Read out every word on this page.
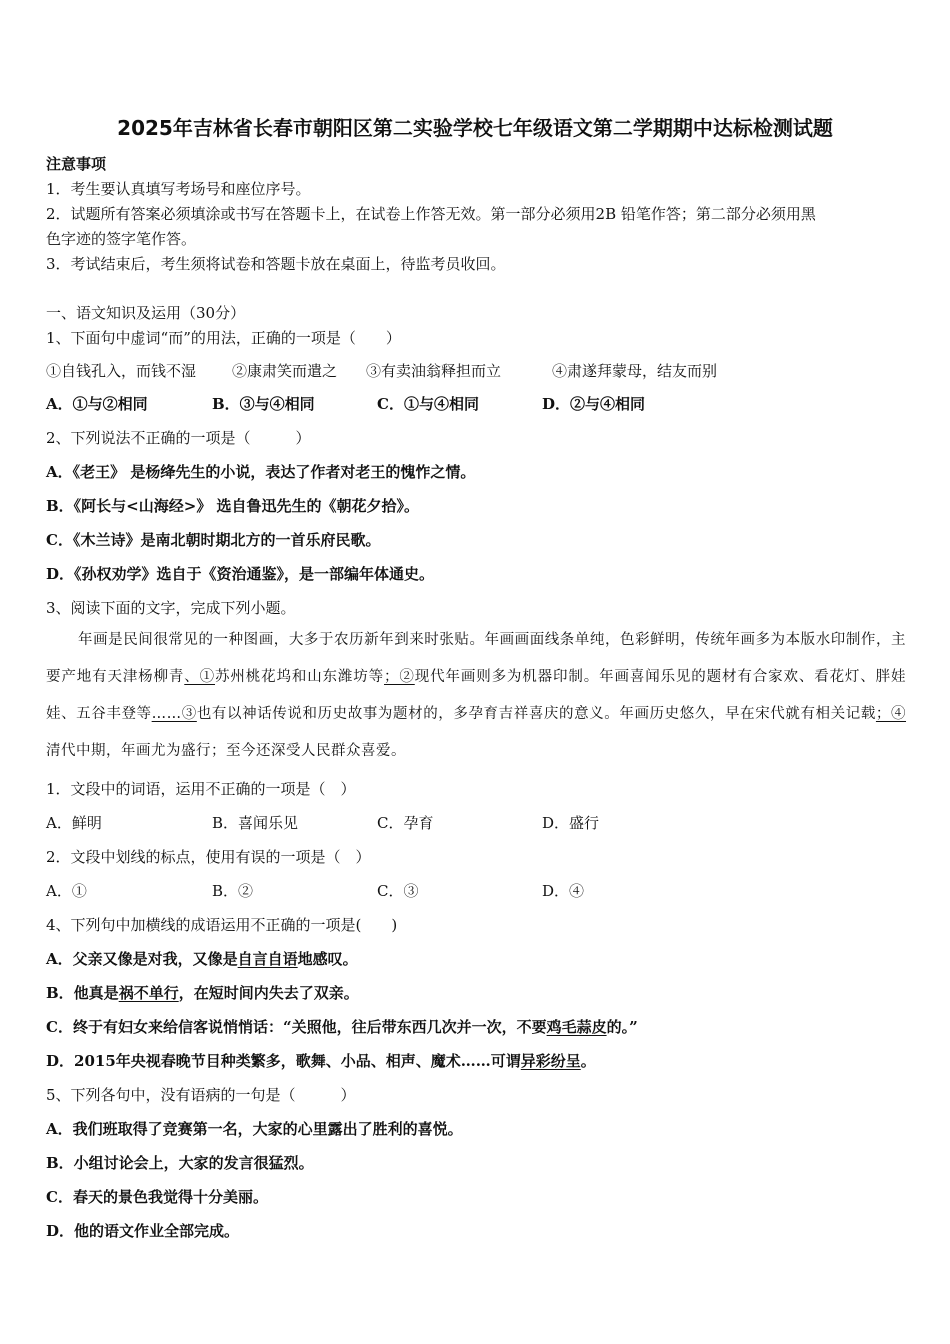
2025年吉林省长春市朝阳区第二实验学校七年级语文第二学期期中达标检测试题
注意事项
1．考生要认真填写考场号和座位序号。
2．试题所有答案必须填涂或书写在答题卡上，在试卷上作答无效。第一部分必须用2B 铅笔作答；第二部分必须用黑
色字迹的签字笔作答。
3．考试结束后，考生须将试卷和答题卡放在桌面上，待监考员收回。
一、语文知识及运用（30分）
1、下面句中虚词“而”的用法，正确的一项是（　　）
①自钱孔入，而钱不湿 ②康肃笑而遣之 ③有卖油翁释担而立	④肃遂拜蒙母，结友而别
A．①与②相同	B．③与④相同	C．①与④相同	D．②与④相同
2、下列说法不正确的一项是（　　　）
A．《老王》 是杨绛先生的小说，表达了作者对老王的愧怍之情。
B．《阿长与<山海经>》 选自鲁迅先生的《朝花夕拾》。
C．《木兰诗》是南北朝时期北方的一首乐府民歌。
D．《孙权劝学》选自于《资治通鉴》，是一部编年体通史。
3、阅读下面的文字，完成下列小题。
年画是民间很常见的一种图画，大多于农历新年到来时张贴。年画画面线条单纯，色彩鲜明，传统年画多为本版水印制作，主要产地有天津杨柳青、①苏州桃花坞和山东潍坊等；②现代年画则多为机器印制。年画喜闻乐见的题材有合家欢、看花灯、胖娃娃、五谷丰登等……③也有以神话传说和历史故事为题材的，多孕育吉祥喜庆的意义。年画历史悠久，早在宋代就有相关记载；④清代中期，年画尤为盛行；至今还深受人民群众喜爱。
1．文段中的词语，运用不正确的一项是（　）
A．鲜明	B．喜闻乐见	C．孕育	D．盛行
2．文段中划线的标点，使用有误的一项是（　）
A．①	B．②	C．③	D．④
4、下列句中加横线的成语运用不正确的一项是(　　)
A．父亲又像是对我，又像是自言自语地感叹。
B．他真是祸不单行，在短时间内失去了双亲。
C．终于有妇女来给信客说悄悄话：“关照他，往后带东西几次并一次，不要鸡毛蒜皮的。”
D．2015年央视春晚节目种类繁多，歌舞、小品、相声、魔术……可谓异彩纷呈。
5、下列各句中，没有语病的一句是（　　　）
A．我们班取得了竞赛第一名，大家的心里露出了胜利的喜悦。
B．小组讨论会上，大家的发言很猛烈。
C．春天的景色我觉得十分美丽。
D．他的语文作业全部完成。
